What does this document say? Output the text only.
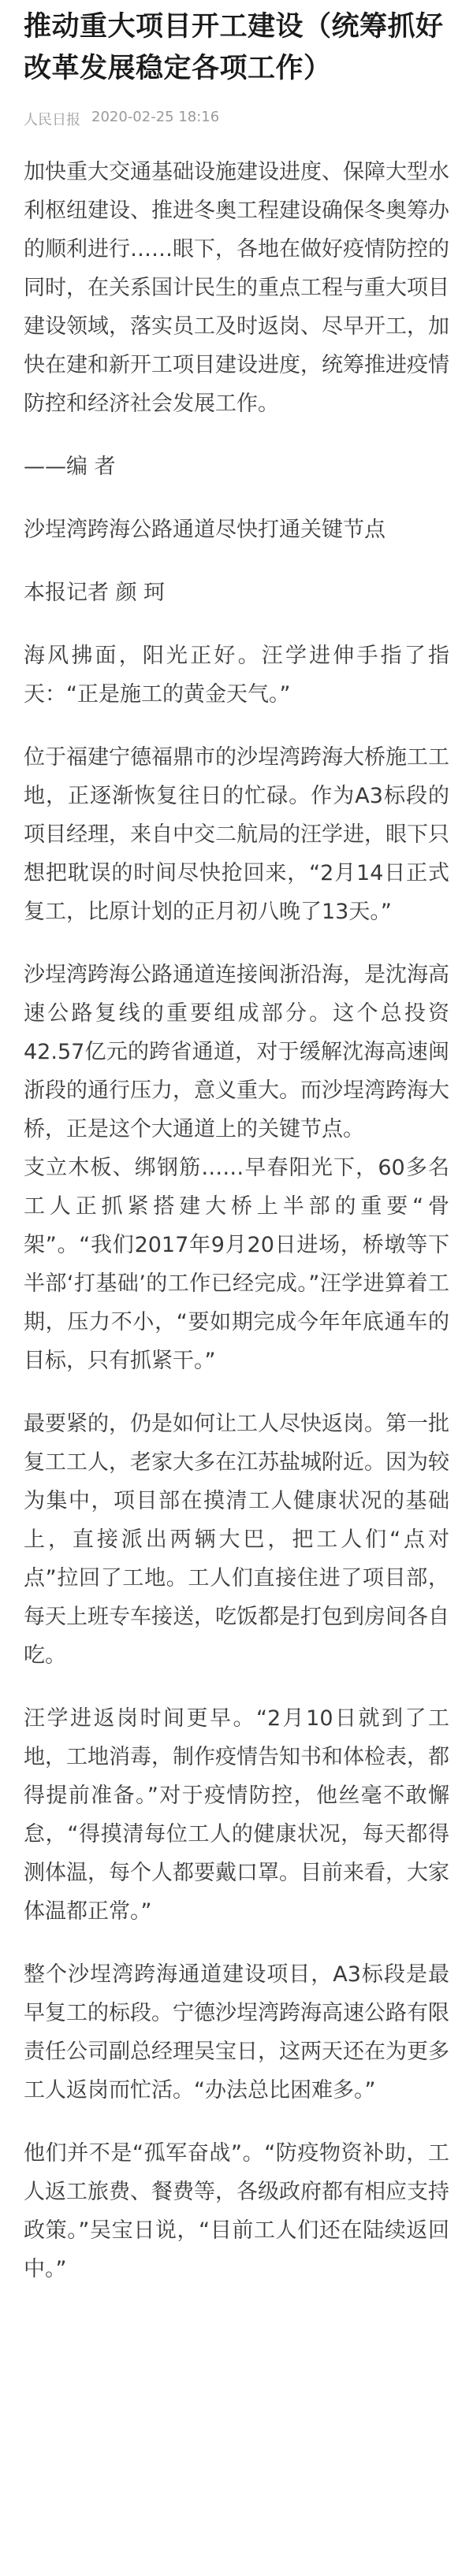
推动重大项目开工建设（统筹抓好改革发展稳定各项工作）
人民日报 2020-02-25 18:16

加快重大交通基础设施建设进度、保障大型水利枢纽建设、推进冬奥工程建设确保冬奥筹办的顺利进行……眼下，各地在做好疫情防控的同时，在关系国计民生的重点工程与重大项目建设领域，落实员工及时返岗、尽早开工，加快在建和新开工项目建设进度，统筹推进疫情防控和经济社会发展工作。

——编 者

沙埕湾跨海公路通道尽快打通关键节点

本报记者 颜 珂

海风拂面，阳光正好。汪学进伸手指了指天：“正是施工的黄金天气。”

位于福建宁德福鼎市的沙埕湾跨海大桥施工工地，正逐渐恢复往日的忙碌。作为A3标段的项目经理，来自中交二航局的汪学进，眼下只想把耽误的时间尽快抢回来，“2月14日正式复工，比原计划的正月初八晚了13天。”

沙埕湾跨海公路通道连接闽浙沿海，是沈海高速公路复线的重要组成部分。这个总投资42.57亿元的跨省通道，对于缓解沈海高速闽浙段的通行压力，意义重大。而沙埕湾跨海大桥，正是这个大通道上的关键节点。

支立木板、绑钢筋……早春阳光下，60多名工人正抓紧搭建大桥上半部的重要“骨架”。“我们2017年9月20日进场，桥墩等下半部‘打基础’的工作已经完成。”汪学进算着工期，压力不小，“要如期完成今年年底通车的目标，只有抓紧干。”

最要紧的，仍是如何让工人尽快返岗。第一批复工工人，老家大多在江苏盐城附近。因为较为集中，项目部在摸清工人健康状况的基础上，直接派出两辆大巴，把工人们“点对点”拉回了工地。工人们直接住进了项目部，每天上班专车接送，吃饭都是打包到房间各自吃。

汪学进返岗时间更早。“2月10日就到了工地，工地消毒，制作疫情告知书和体检表，都得提前准备。”对于疫情防控，他丝毫不敢懈怠，“得摸清每位工人的健康状况，每天都得测体温，每个人都要戴口罩。目前来看，大家体温都正常。”

整个沙埕湾跨海通道建设项目，A3标段是最早复工的标段。宁德沙埕湾跨海高速公路有限责任公司副总经理吴宝日，这两天还在为更多工人返岗而忙活。“办法总比困难多。”

他们并不是“孤军奋战”。“防疫物资补助，工人返工旅费、餐费等，各级政府都有相应支持政策。”吴宝日说，“目前工人们还在陆续返回中。”
